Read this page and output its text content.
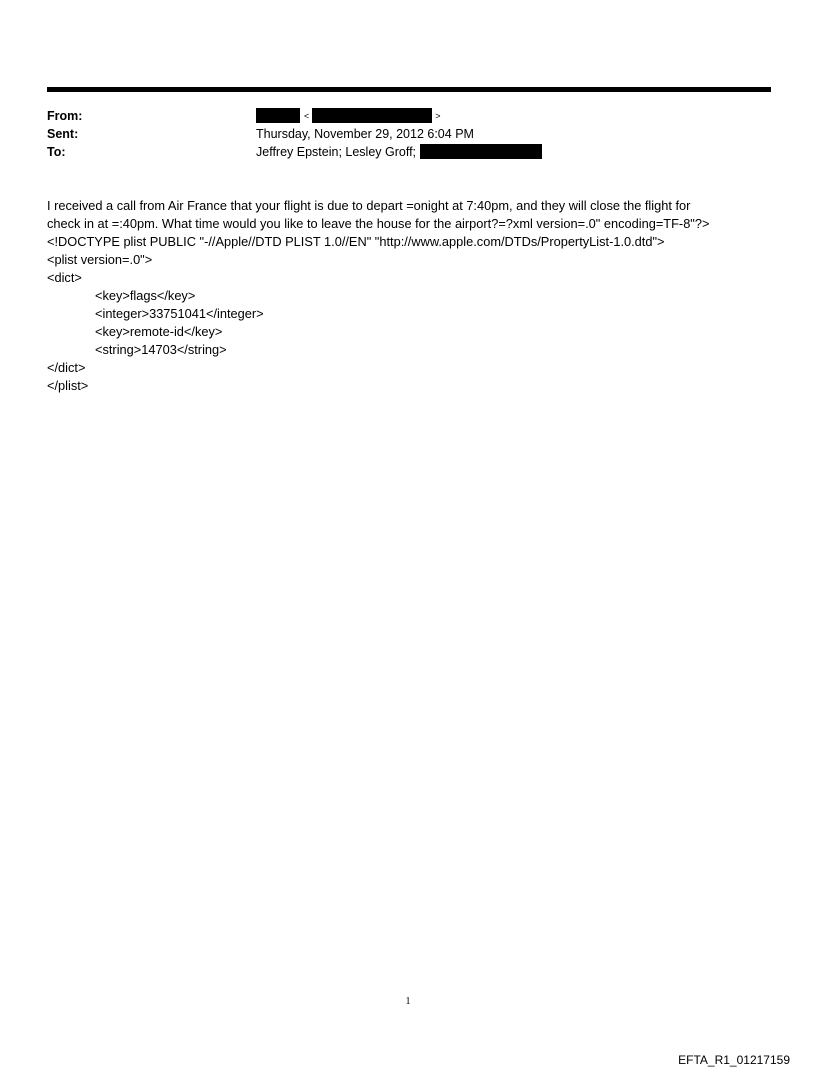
From:	<	>
Sent:	Thursday, November 29, 2012 6:04 PM
To:	Jeffrey Epstein; Lesley Groff;
I received a call from Air France that your flight is due to depart =onight at 7:40pm, and they will close the flight for
check in at =:40pm. What time would you like to leave the house for the airport?=?xml version=.0" encoding=TF-8"?>
<!DOCTYPE plist PUBLIC "-//Apple//DTD PLIST 1.0//EN" "http://www.apple.com/DTDs/PropertyList-1.0.dtd">
<plist version=.0">
<dict>
<key>flags</key>
<integer>33751041</integer>
<key>remote-id</key>
<string>14703</string>
</dict>
</plist>
1
EFTA_R1_01217159
